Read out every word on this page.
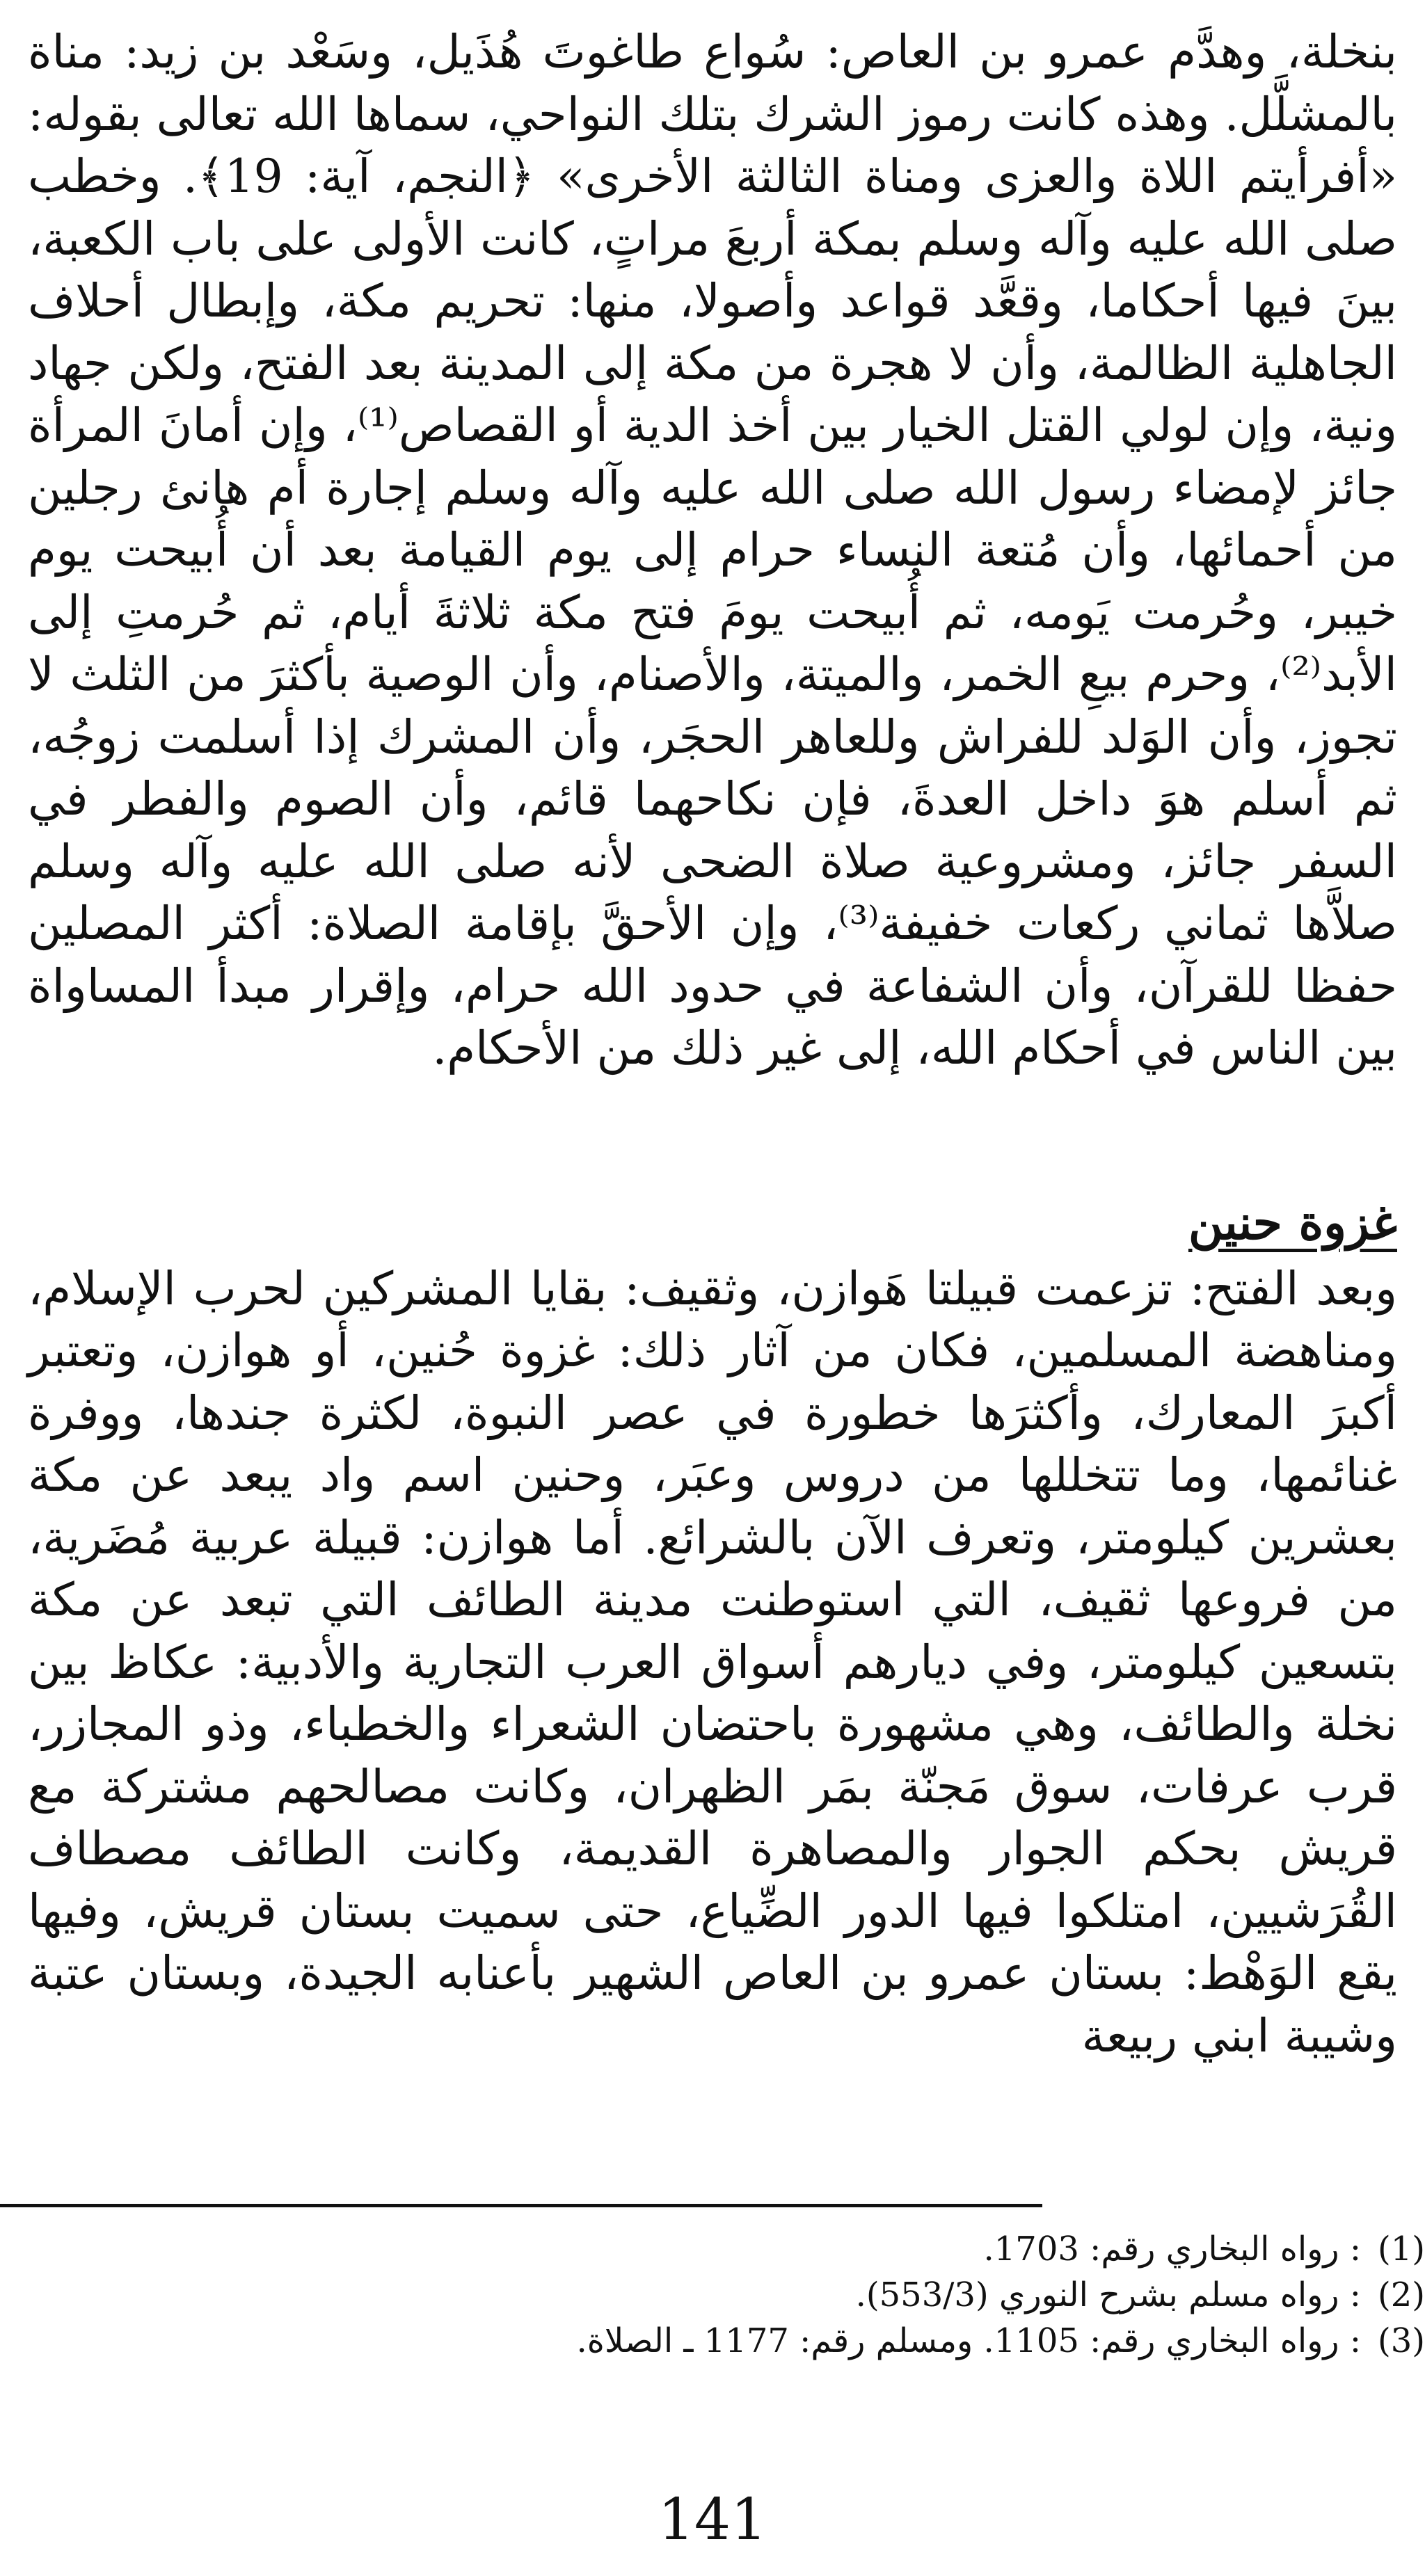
بنخلة، وهدَّم عمرو بن العاص: سُواع طاغوتَ هُذَيل، وسَعْد بن زيد: مناة بالمشلَّل. وهذه كانت رموز الشرك بتلك النواحي، سماها الله تعالى بقوله: «أفرأيتم اللاة والعزى ومناة الثالثة الأخرى» ﴿النجم، آية: 19﴾. وخطب صلى الله عليه وآله وسلم بمكة أربعَ مراتٍ، كانت الأولى على باب الكعبة، بينَ فيها أحكاما، وقعَّد قواعد وأصولا، منها: تحريم مكة، وإبطال أحلاف الجاهلية الظالمة، وأن لا هجرة من مكة إلى المدينة بعد الفتح، ولكن جهاد ونية، وإن لولي القتل الخيار بين أخذ الدية أو القصاص⁽¹⁾، وإن أمانَ المرأة جائز لإمضاء رسول الله صلى الله عليه وآله وسلم إجارة أم هانئ رجلين من أحمائها، وأن مُتعة النساء حرام إلى يوم القيامة بعد أن أُبيحت يوم خيبر، وحُرمت يَومه، ثم أُبيحت يومَ فتح مكة ثلاثةَ أيام، ثم حُرمتِ إلى الأبد⁽²⁾، وحرم بيعِ الخمر، والميتة، والأصنام، وأن الوصية بأكثرَ من الثلث لا تجوز، وأن الوَلد للفراش وللعاهر الحجَر، وأن المشرك إذا أسلمت زوجُه، ثم أسلم هوَ داخل العدةَ، فإن نكاحهما قائم، وأن الصوم والفطر في السفر جائز، ومشروعية صلاة الضحى لأنه صلى الله عليه وآله وسلم صلاَّها ثماني ركعات خفيفة⁽³⁾، وإن الأحقَّ بإقامة الصلاة: أكثر المصلين حفظا للقرآن، وأن الشفاعة في حدود الله حرام، وإقرار مبدأ المساواة بين الناس في أحكام الله، إلى غير ذلك من الأحكام.

غزوة حنين

وبعد الفتح: تزعمت قبيلتا هَوازن، وثقيف: بقايا المشركين لحرب الإسلام، ومناهضة المسلمين، فكان من آثار ذلك: غزوة حُنين، أو هوازن، وتعتبر أكبرَ المعارك، وأكثرَها خطورة في عصر النبوة، لكثرة جندها، ووفرة غنائمها، وما تتخللها من دروس وعبَر، وحنين اسم واد يبعد عن مكة بعشرين كيلومتر، وتعرف الآن بالشرائع. أما هوازن: قبيلة عربية مُضَرية، من فروعها ثقيف، التي استوطنت مدينة الطائف التي تبعد عن مكة بتسعين كيلومتر، وفي ديارهم أسواق العرب التجارية والأدبية: عكاظ بين نخلة والطائف، وهي مشهورة باحتضان الشعراء والخطباء، وذو المجازر، قرب عرفات، سوق مَجنّة بمَر الظهران، وكانت مصالحهم مشتركة مع قريش بحكم الجوار والمصاهرة القديمة، وكانت الطائف مصطاف القُرَشيين، امتلكوا فيها الدور الضِّياع، حتى سميت بستان قريش، وفيها يقع الوَهْط: بستان عمرو بن العاص الشهير بأعنابه الجيدة، وبستان عتبة وشيبة ابني ربيعة

(1): رواه البخاري رقم: 1703.
(2): رواه مسلم بشرح النوري (553/3).
(3): رواه البخاري رقم: 1105. ومسلم رقم: 1177 ـ الصلاة.
141
